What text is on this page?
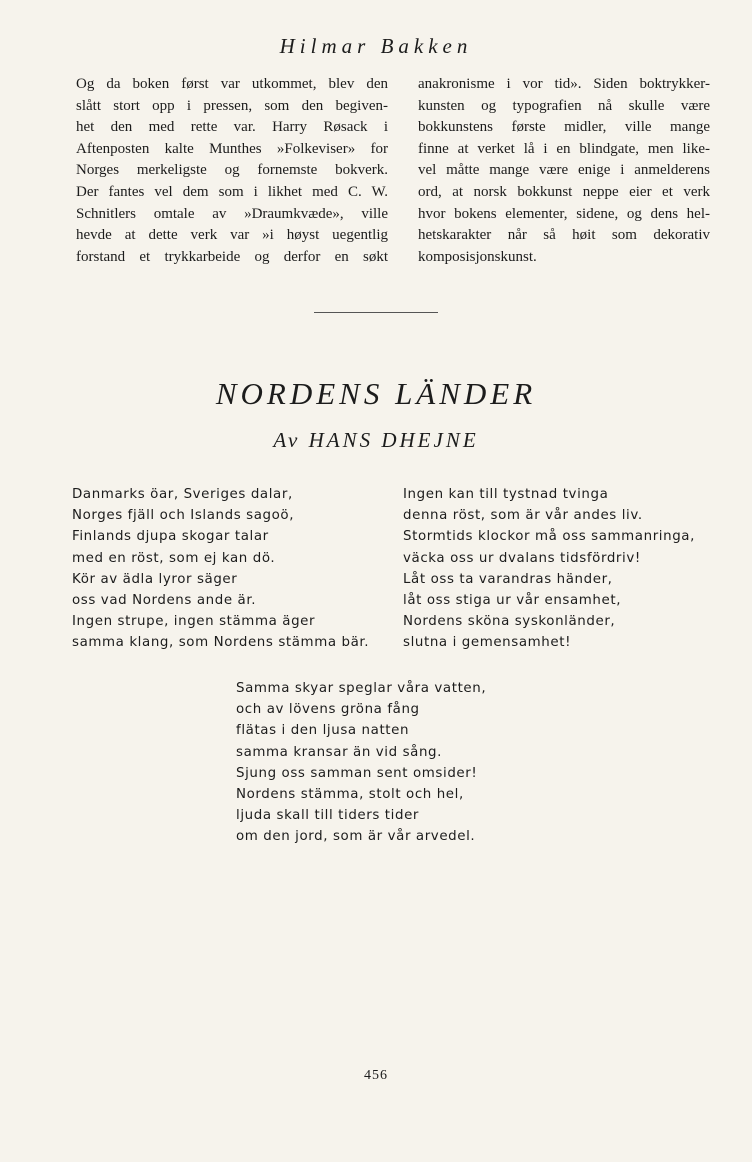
Hilmar Bakken
Og da boken først var utkommet, blev den
slått stort opp i pressen, som den begiven-
het den med rette var. Harry Røsack i
Aftenposten kalte Munthes »Folkeviser» for
Norges merkeligste og fornemste bokverk.
Der fantes vel dem som i likhet med C. W.
Schnitlers omtale av »Draumkvæde», ville
hevde at dette verk var »i høyst uegentlig
forstand et trykkarbeide og derfor en søkt
anakronisme i vor tid». Siden boktrykker-
kunsten og typografien nå skulle være
bokkunstens første midler, ville mange
finne at verket lå i en blindgate, men like-
vel måtte mange være enige i anmelderens
ord, at norsk bokkunst neppe eier et verk
hvor bokens elementer, sidene, og dens hel-
hetskarakter når så høit som dekorativ
komposisjonskunst.
NORDENS LÄNDER
Av HANS DHEJNE
Danmarks öar, Sveriges dalar,
Norges fjäll och Islands sagoö,
Finlands djupa skogar talar
med en röst, som ej kan dö.
Kör av ädla lyror säger
oss vad Nordens ande är.
Ingen strupe, ingen stämma äger
samma klang, som Nordens stämma bär.
Ingen kan till tystnad tvinga
denna röst, som är vår andes liv.
Stormtids klockor må oss sammanringa,
väcka oss ur dvalans tidsfördriv!
Låt oss ta varandras händer,
låt oss stiga ur vår ensamhet,
Nordens sköna syskonländer,
slutna i gemensamhet!
Samma skyar speglar våra vatten,
och av lövens gröna fång
flätas i den ljusa natten
samma kransar än vid sång.
Sjung oss samman sent omsider!
Nordens stämma, stolt och hel,
ljuda skall till tiders tider
om den jord, som är vår arvedel.
456
